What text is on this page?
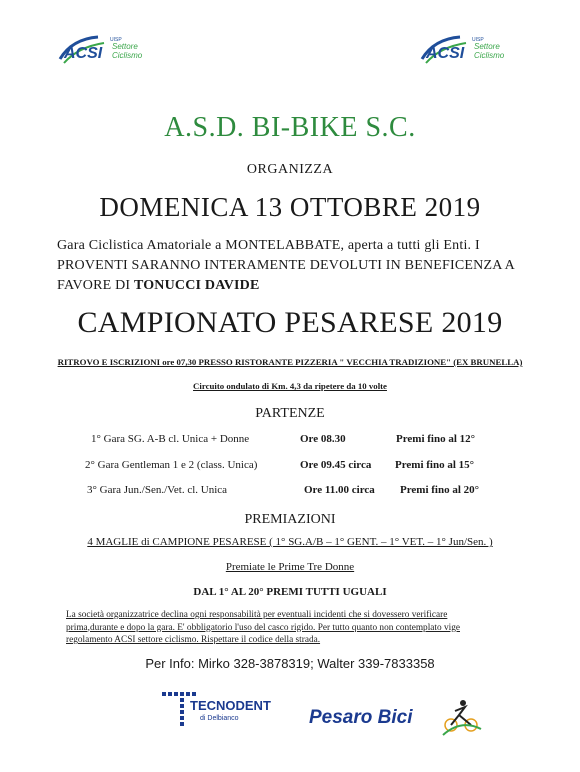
ACSI
UISP
Settore
Ciclismo	ACSI
UISP
Settore
Ciclismo
A.S.D. BI-BIKE S.C.
ORGANIZZA
DOMENICA 13 OTTOBRE 2019
Gara Ciclistica Amatoriale a MONTELABBATE, aperta a tutti gli Enti. I
PROVENTI SARANNO INTERAMENTE DEVOLUTI IN BENEFICENZA A
FAVORE DI TONUCCI DAVIDE
CAMPIONATO PESARESE 2019
RITROVO E ISCRIZIONI ore 07,30 PRESSO RISTORANTE PIZZERIA " VECCHIA TRADIZIONE" (EX BRUNELLA)
Circuito ondulato di Km. 4,3 da ripetere da 10 volte
PARTENZE
1° Gara SG. A-B cl. Unica + Donne	Ore 08.30	Premi fino al 12°
2° Gara Gentleman 1 e 2 (class. Unica)	Ore 09.45 circa Premi fino al 15°
3° Gara Jun./Sen./Vet. cl. Unica	Ore 11.00 circa Premi fino al 20°
PREMIAZIONI
4 MAGLIE di CAMPIONE PESARESE ( 1° SG.A/B – 1° GENT. – 1° VET. – 1° Jun/Sen. )
Premiate le Prime Tre Donne
DAL 1° AL 20° PREMI TUTTI UGUALI
La società organizzatrice declina ogni responsabilità per eventuali incidenti che si dovessero verificare
prima,durante e dopo la gara. E' obbligatorio l'uso del casco rigido. Per tutto quanto non contemplato vige
regolamento ACSI settore ciclismo. Rispettare il codice della strada.
Per Info: Mirko 328-3878319; Walter 339-7833358
TECNODENT
di Delbianco	Pesaro Bici
